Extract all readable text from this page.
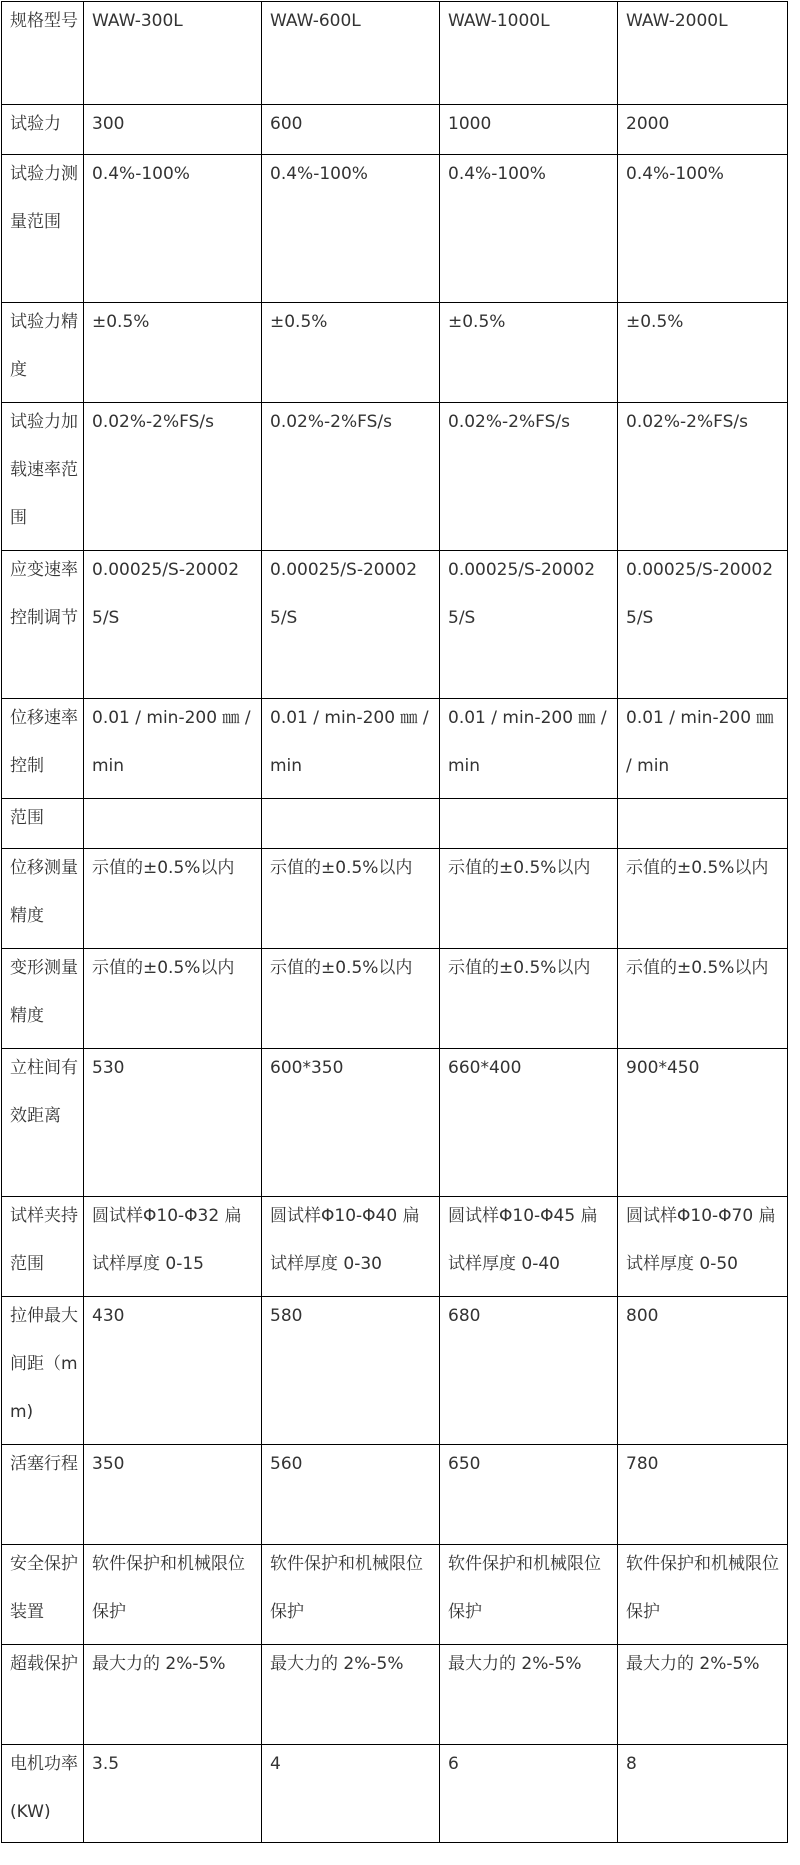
规格型号	WAW-300L	WAW-600L	WAW-1000L	WAW-2000L

试验力	300	600	1000	2000

试验力测量范围	0.4%-100%	0.4%-100%	0.4%-100%	0.4%-100%

试验力精度	±0.5%	±0.5%	±0.5%	±0.5%

试验力加载速率范围	0.02%-2%FS/s	0.02%-2%FS/s	0.02%-2%FS/s	0.02%-2%FS/s

应变速率控制调节	0.00025/S-200025/S	0.00025/S-200025/S	0.00025/S-200025/S	0.00025/S-200025/S

位移速率控制	0.01 / min-200 ㎜ / min	0.01 / min-200 ㎜ / min	0.01 / min-200 ㎜ / min	0.01 / min-200 ㎜ / min

范围				

位移测量精度	示值的±0.5%以内	示值的±0.5%以内	示值的±0.5%以内	示值的±0.5%以内

变形测量精度	示值的±0.5%以内	示值的±0.5%以内	示值的±0.5%以内	示值的±0.5%以内

立柱间有效距离	530	600*350	660*400	900*450

试样夹持范围	圆试样Φ10-Φ32 扁试样厚度 0-15	圆试样Φ10-Φ40 扁试样厚度 0-30	圆试样Φ10-Φ45 扁试样厚度 0-40	圆试样Φ10-Φ70 扁试样厚度 0-50

拉伸最大间距（mm)	430	580	680	800

活塞行程	350	560	650	780

安全保护装置	软件保护和机械限位保护	软件保护和机械限位保护	软件保护和机械限位保护	软件保护和机械限位保护

超载保护	最大力的 2%-5%	最大力的 2%-5%	最大力的 2%-5%	最大力的 2%-5%

电机功率 (KW)	3.5	4	6	8
